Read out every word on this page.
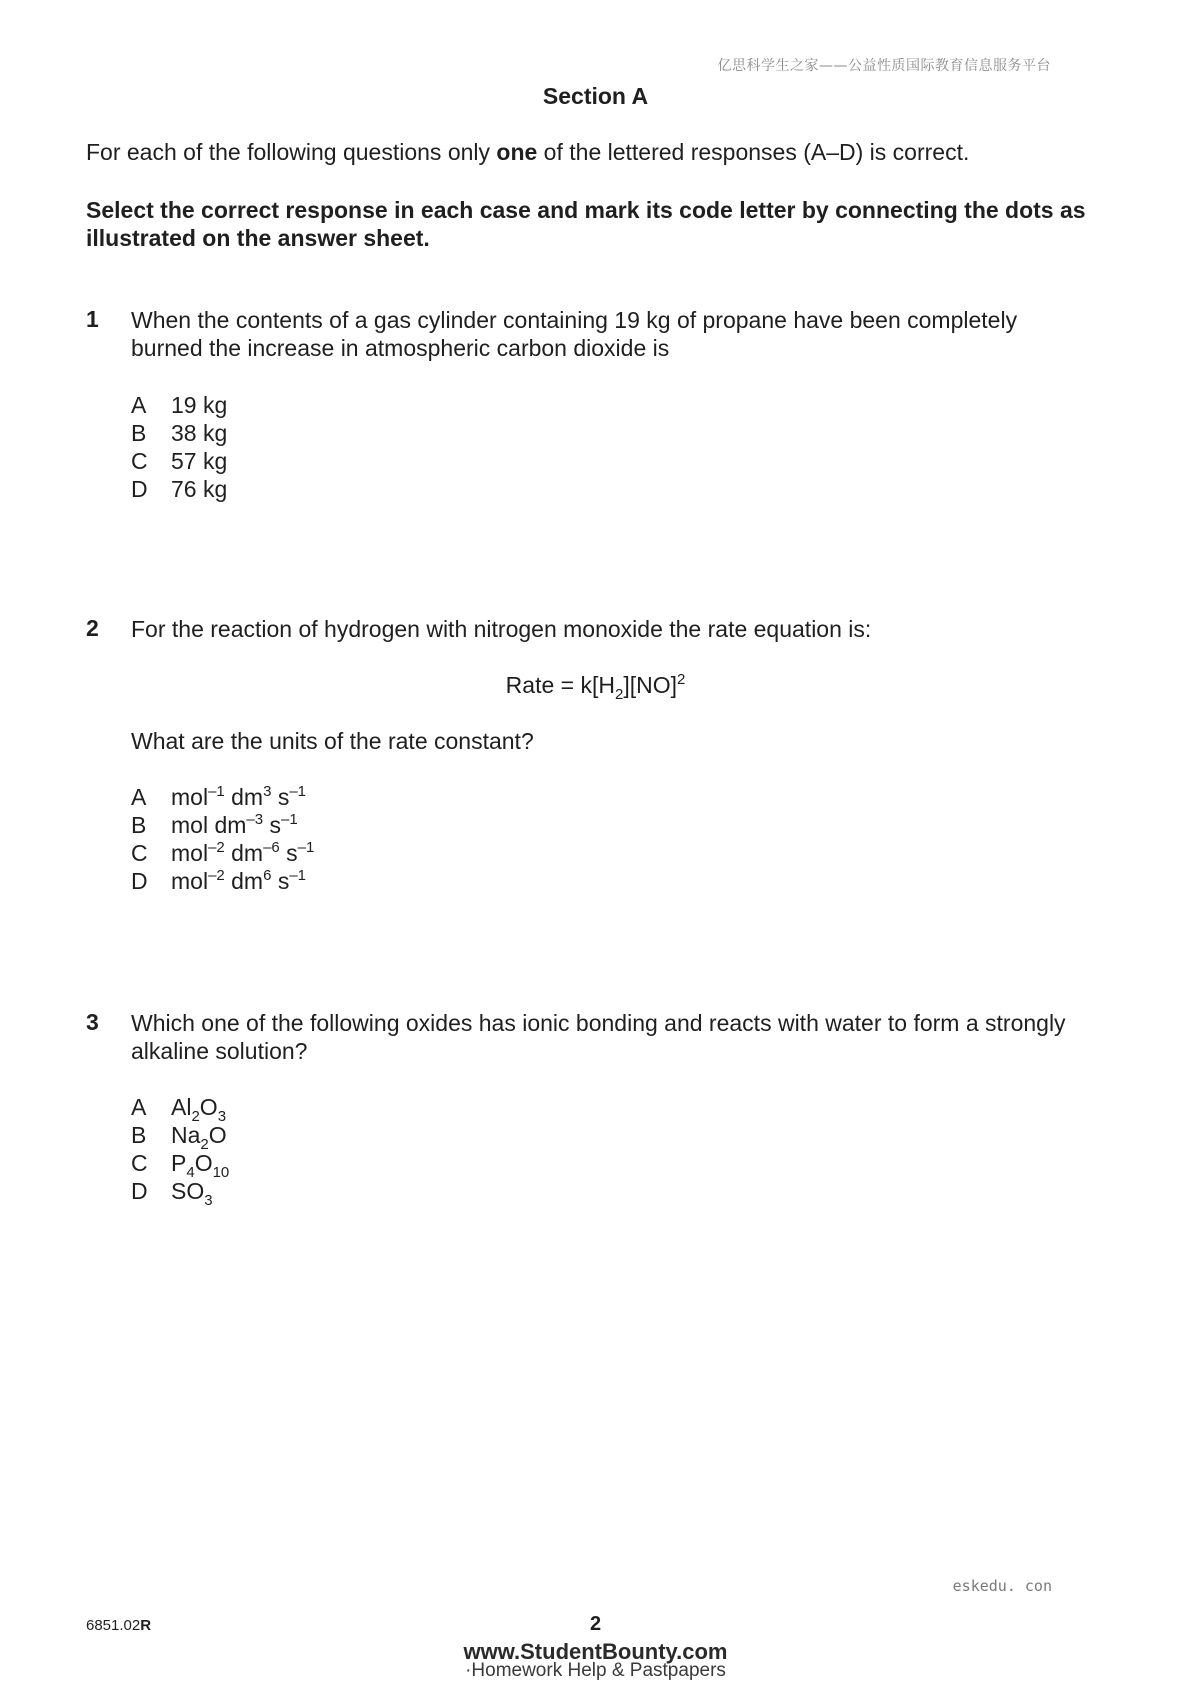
亿思科学生之家——公益性质国际教育信息服务平台
Section A
For each of the following questions only one of the lettered responses (A–D) is correct.
Select the correct response in each case and mark its code letter by connecting the dots as illustrated on the answer sheet.
1 When the contents of a gas cylinder containing 19 kg of propane have been completely burned the increase in atmospheric carbon dioxide is
A 19 kg
B 38 kg
C 57 kg
D 76 kg
2 For the reaction of hydrogen with nitrogen monoxide the rate equation is:
Rate = $k[H_2][NO]^2$
What are the units of the rate constant?
A mol$^{-1}$ $dm^3$ $s^{-1}$
B mol $dm^{-3}$ $s^{-1}$
C mol$^{-2}$ $dm^{-6}$ $s^{-1}$
D mol$^{-2}$ $dm^6$ $s^{-1}$
3 Which one of the following oxides has ionic bonding and reacts with water to form a strongly alkaline solution?
A $Al_2O_3$
B $Na_2O$
C $P_4O_{10}$
D $SO_3$
eskedu. con
6851.02R	2
www.StudentBounty.com
·Homework Help & Pastpapers
